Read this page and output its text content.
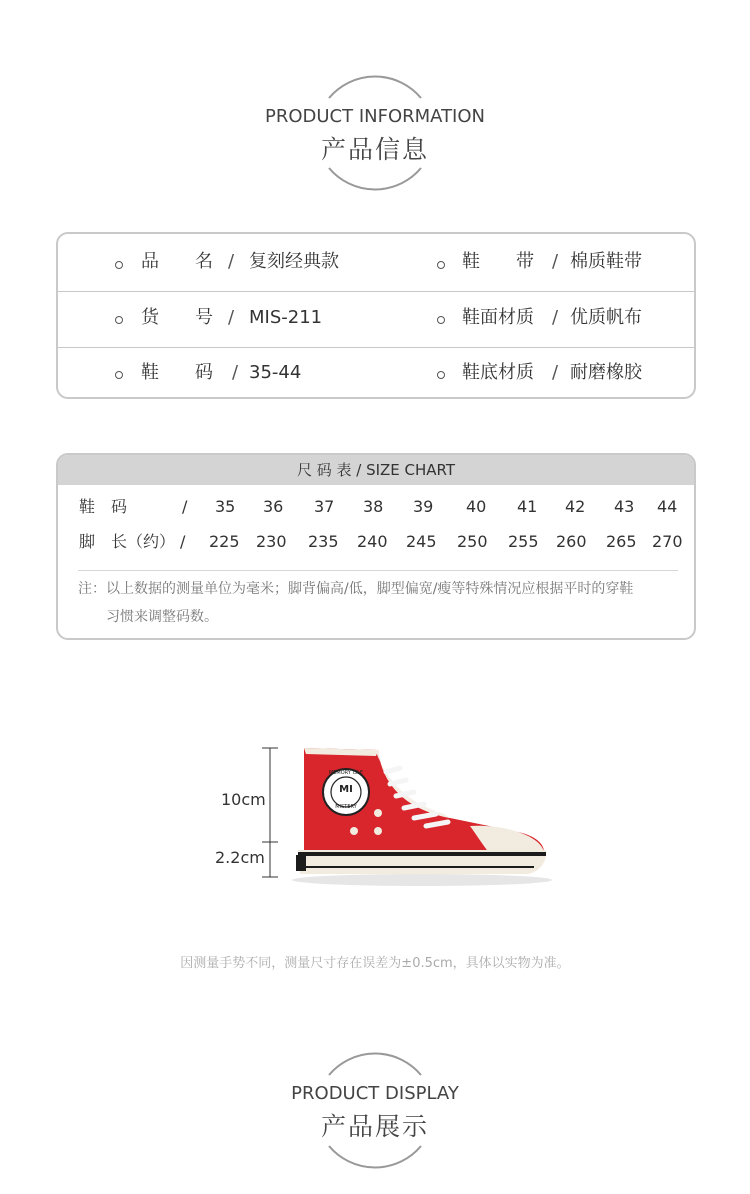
PRODUCT INFORMATION
产品信息
品　　名 / 复刻经典款	鞋　　带 / 棉质鞋带
货　　号 / MIS-211	鞋面材质 / 优质帆布
鞋　　码 / 35-44	鞋底材质 / 耐磨橡胶
尺 码 表 / SIZE CHART
鞋　码	/ 35 36 37 38 39 40 41 42 43 44
脚　长（约） / 225 230 235 240 245 250 255 260 265 270
注：以上数据的测量单位为毫米；脚背偏高/低，脚型偏宽/瘦等特殊情况应根据平时的穿鞋
习惯来调整码数。
10cm
2.2cm
MI
MEMORY ISLE
MISTERY
因测量手势不同，测量尺寸存在误差为±0.5cm，具体以实物为准。
PRODUCT DISPLAY
产品展示
